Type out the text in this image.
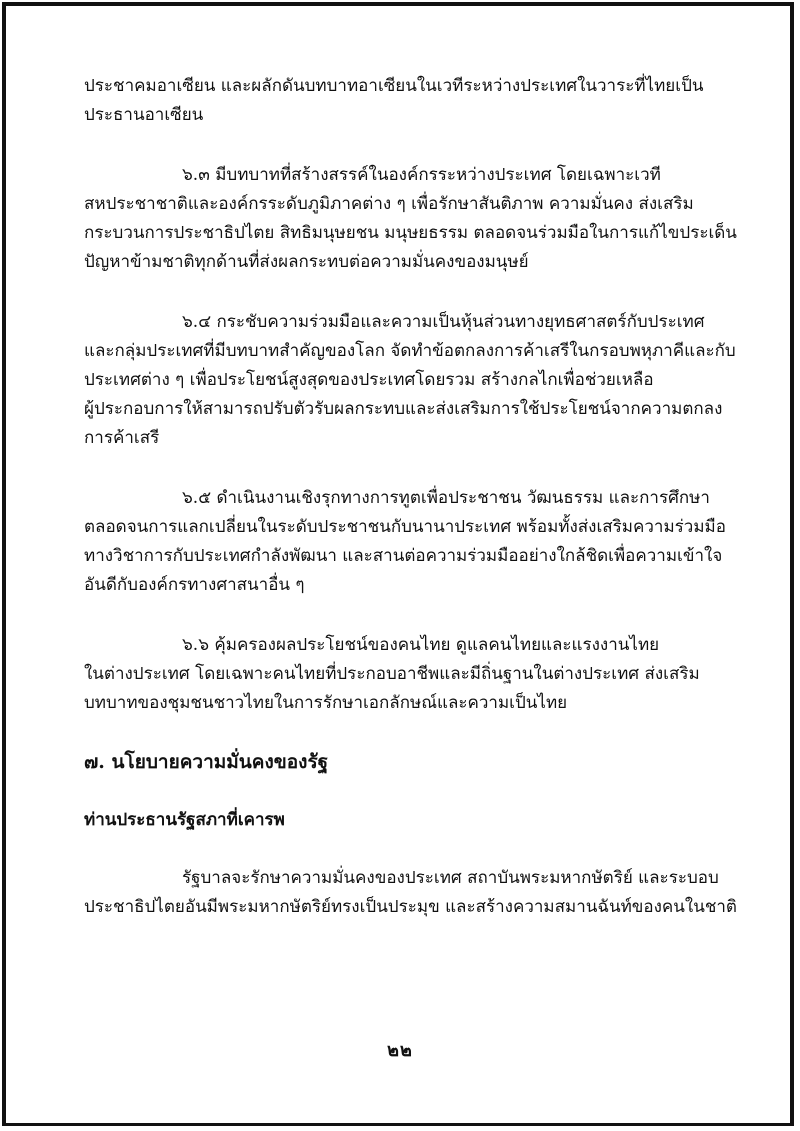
ประชาคมอาเซียน และผลักดันบทบาทอาเซียนในเวทีระหว่างประเทศในวาระที่ไทยเป็น

ประธานอาเซียน

๖.๓ มีบทบาทที่สร้างสรรค์ในองค์กรระหว่างประเทศ โดยเฉพาะเวที

สหประชาชาติและองค์กรระดับภูมิภาคต่าง ๆ เพื่อรักษาสันติภาพ ความมั่นคง ส่งเสริม

กระบวนการประชาธิปไตย สิทธิมนุษยชน มนุษยธรรม ตลอดจนร่วมมือในการแก้ไขประเด็น

ปัญหาข้ามชาติทุกด้านที่ส่งผลกระทบต่อความมั่นคงของมนุษย์

๖.๔ กระชับความร่วมมือและความเป็นหุ้นส่วนทางยุทธศาสตร์กับประเทศ

และกลุ่มประเทศที่มีบทบาทสำคัญของโลก จัดทำข้อตกลงการค้าเสรีในกรอบพหุภาคีและกับ

ประเทศต่าง ๆ เพื่อประโยชน์สูงสุดของประเทศโดยรวม สร้างกลไกเพื่อช่วยเหลือ

ผู้ประกอบการให้สามารถปรับตัวรับผลกระทบและส่งเสริมการใช้ประโยชน์จากความตกลง

การค้าเสรี

๖.๕ ดำเนินงานเชิงรุกทางการทูตเพื่อประชาชน วัฒนธรรม และการศึกษา

ตลอดจนการแลกเปลี่ยนในระดับประชาชนกับนานาประเทศ พร้อมทั้งส่งเสริมความร่วมมือ

ทางวิชาการกับประเทศกำลังพัฒนา และสานต่อความร่วมมืออย่างใกล้ชิดเพื่อความเข้าใจ

อันดีกับองค์กรทางศาสนาอื่น ๆ

๖.๖ คุ้มครองผลประโยชน์ของคนไทย ดูแลคนไทยและแรงงานไทย

ในต่างประเทศ โดยเฉพาะคนไทยที่ประกอบอาชีพและมีถิ่นฐานในต่างประเทศ ส่งเสริม

บทบาทของชุมชนชาวไทยในการรักษาเอกลักษณ์และความเป็นไทย

๗. นโยบายความมั่นคงของรัฐ
ท่านประธานรัฐสภาที่เคารพ

รัฐบาลจะรักษาความมั่นคงของประเทศ สถาบันพระมหากษัตริย์ และระบอบ

ประชาธิปไตยอันมีพระมหากษัตริย์ทรงเป็นประมุข และสร้างความสมานฉันท์ของคนในชาติ

๒๒
